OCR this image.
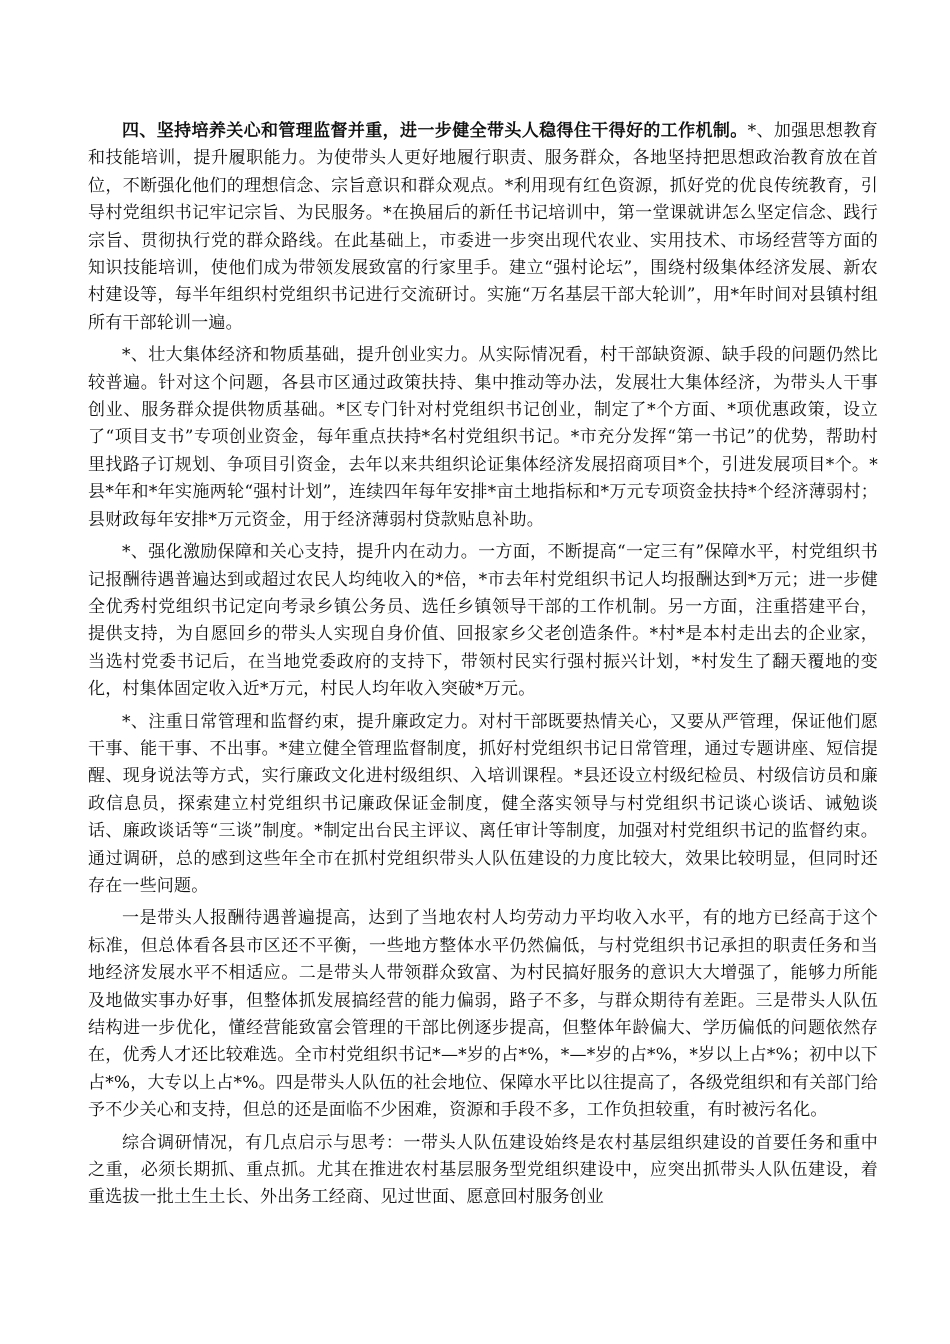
四、坚持培养关心和管理监督并重，进一步健全带头人稳得住干得好的工作机制。*、加强思想教育和技能培训，提升履职能力。为使带头人更好地履行职责、服务群众，各地坚持把思想政治教育放在首位，不断强化他们的理想信念、宗旨意识和群众观点。*利用现有红色资源，抓好党的优良传统教育，引导村党组织书记牢记宗旨、为民服务。*在换届后的新任书记培训中，第一堂课就讲怎么坚定信念、践行宗旨、贯彻执行党的群众路线。在此基础上，市委进一步突出现代农业、实用技术、市场经营等方面的知识技能培训，使他们成为带领发展致富的行家里手。建立“强村论坛”，围绕村级集体经济发展、新农村建设等，每半年组织村党组织书记进行交流研讨。实施“万名基层干部大轮训”，用*年时间对县镇村组所有干部轮训一遍。

*、壮大集体经济和物质基础，提升创业实力。从实际情况看，村干部缺资源、缺手段的问题仍然比较普遍。针对这个问题，各县市区通过政策扶持、集中推动等办法，发展壮大集体经济，为带头人干事创业、服务群众提供物质基础。*区专门针对村党组织书记创业，制定了*个方面、*项优惠政策，设立了“项目支书”专项创业资金，每年重点扶持*名村党组织书记。*市充分发挥“第一书记”的优势，帮助村里找路子订规划、争项目引资金，去年以来共组织论证集体经济发展招商项目*个，引进发展项目*个。*县*年和*年实施两轮“强村计划”，连续四年每年安排*亩土地指标和*万元专项资金扶持*个经济薄弱村；县财政每年安排*万元资金，用于经济薄弱村贷款贴息补助。

*、强化激励保障和关心支持，提升内在动力。一方面，不断提高“一定三有”保障水平，村党组织书记报酬待遇普遍达到或超过农民人均纯收入的*倍，*市去年村党组织书记人均报酬达到*万元；进一步健全优秀村党组织书记定向考录乡镇公务员、选任乡镇领导干部的工作机制。另一方面，注重搭建平台，提供支持，为自愿回乡的带头人实现自身价值、回报家乡父老创造条件。*村*是本村走出去的企业家，当选村党委书记后，在当地党委政府的支持下，带领村民实行强村振兴计划，*村发生了翻天覆地的变化，村集体固定收入近*万元，村民人均年收入突破*万元。

*、注重日常管理和监督约束，提升廉政定力。对村干部既要热情关心，又要从严管理，保证他们愿干事、能干事、不出事。*建立健全管理监督制度，抓好村党组织书记日常管理，通过专题讲座、短信提醒、现身说法等方式，实行廉政文化进村级组织、入培训课程。*县还设立村级纪检员、村级信访员和廉政信息员，探索建立村党组织书记廉政保证金制度，健全落实领导与村党组织书记谈心谈话、诫勉谈话、廉政谈话等“三谈”制度。*制定出台民主评议、离任审计等制度，加强对村党组织书记的监督约束。通过调研，总的感到这些年全市在抓村党组织带头人队伍建设的力度比较大，效果比较明显，但同时还存在一些问题。

一是带头人报酬待遇普遍提高，达到了当地农村人均劳动力平均收入水平，有的地方已经高于这个标准，但总体看各县市区还不平衡，一些地方整体水平仍然偏低，与村党组织书记承担的职责任务和当地经济发展水平不相适应。二是带头人带领群众致富、为村民搞好服务的意识大大增强了，能够力所能及地做实事办好事，但整体抓发展搞经营的能力偏弱，路子不多，与群众期待有差距。三是带头人队伍结构进一步优化，懂经营能致富会管理的干部比例逐步提高，但整体年龄偏大、学历偏低的问题依然存在，优秀人才还比较难选。全市村党组织书记*—*岁的占*%，*—*岁的占*%，*岁以上占*%；初中以下占*%，大专以上占*%。四是带头人队伍的社会地位、保障水平比以往提高了，各级党组织和有关部门给予不少关心和支持，但总的还是面临不少困难，资源和手段不多，工作负担较重，有时被污名化。

综合调研情况，有几点启示与思考：一带头人队伍建设始终是农村基层组织建设的首要任务和重中之重，必须长期抓、重点抓。尤其在推进农村基层服务型党组织建设中，应突出抓带头人队伍建设，着重选拔一批土生土长、外出务工经商、见过世面、愿意回村服务创业
